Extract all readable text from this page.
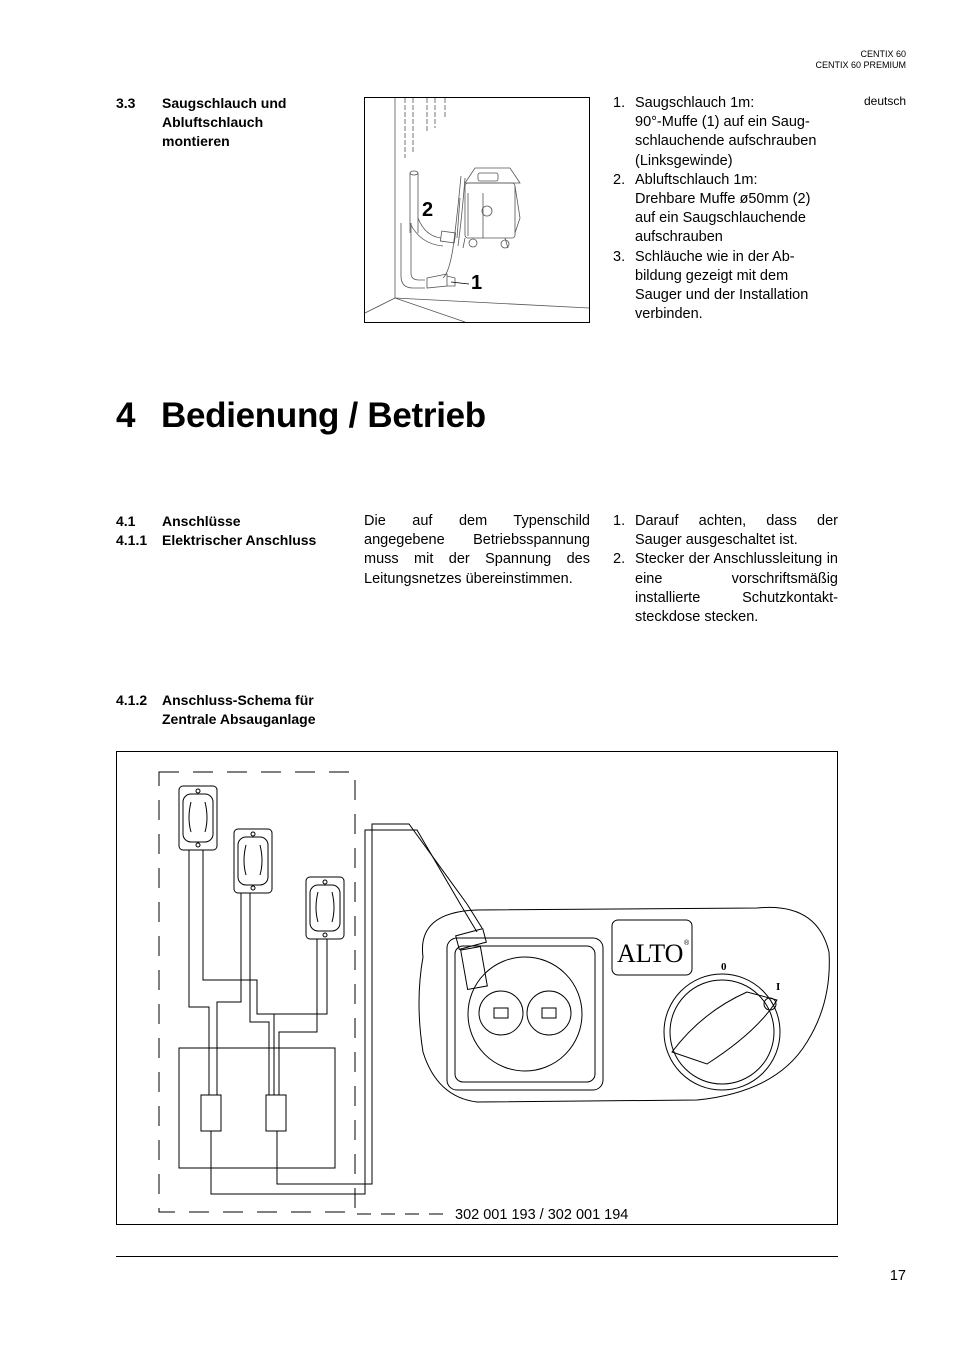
CENTIX 60
CENTIX 60 PREMIUM
deutsch
3.3 Saugschlauch und
Abluftschlauch
montieren
2
1
1. Saugschlauch 1m:
90°-Muffe (1) auf ein Saug-
schlauchende aufschrauben
(Linksgewinde)
2. Abluftschlauch 1m:
Drehbare Muffe ø50mm (2)
auf ein Saugschlauchende
aufschrauben
3. Schläuche wie in der Ab-
bildung gezeigt mit dem
Sauger und der Installation
verbinden.
4 Bedienung / Betrieb
4.1 Anschlüsse
4.1.1 Elektrischer Anschluss
Die auf dem Typenschild angegebene Betriebsspannung muss mit der Spannung des Leitungsnetzes übereinstimmen.
1. Darauf achten, dass der Sauger ausgeschaltet ist.
2. Stecker der Anschlussleitung in eine vorschriftsmäßig installierte Schutzkontakt-steckdose stecken.
4.1.2 Anschluss-Schema für
Zentrale Absauganlage
ALTO ®
0
I
302 001 193 / 302 001 194
17
